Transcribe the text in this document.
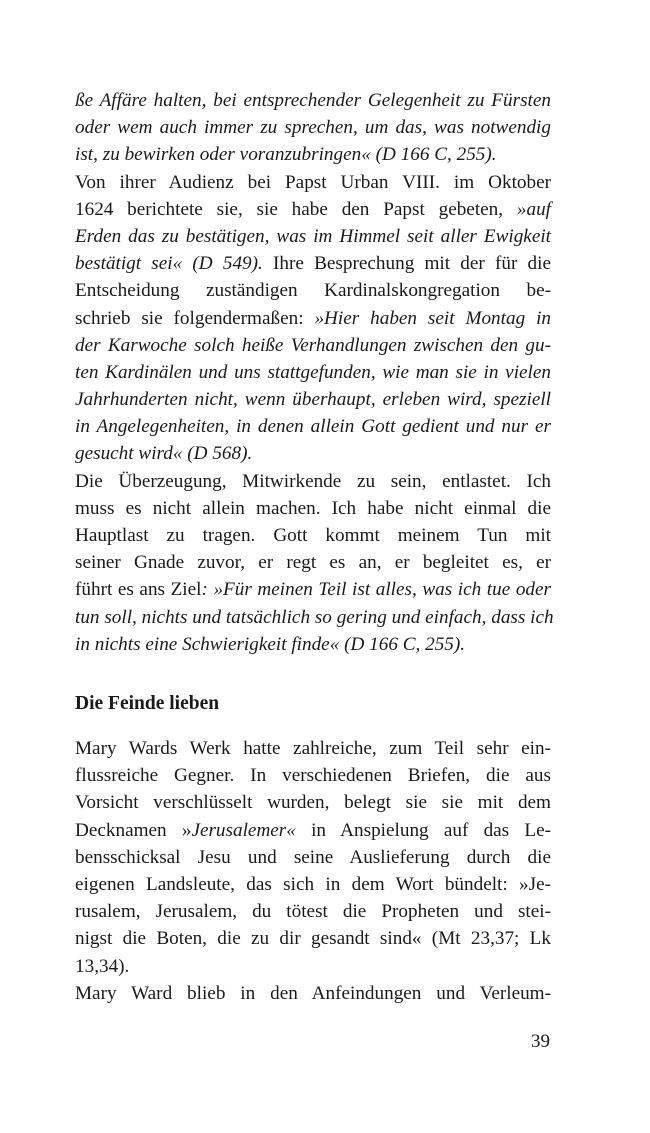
ße Affäre halten, bei entsprechender Gelegenheit zu Fürsten
oder wem auch immer zu sprechen, um das, was notwendig
ist, zu bewirken oder voranzubringen« (D 166 C, 255).
Von ihrer Audienz bei Papst Urban VIII. im Oktober
1624 berichtete sie, sie habe den Papst gebeten, »auf
Erden das zu bestätigen, was im Himmel seit aller Ewigkeit
bestätigt sei« (D 549). Ihre Besprechung mit der für die
Entscheidung zuständigen Kardinalskongregation be-
schrieb sie folgendermaßen: »Hier haben seit Montag in
der Karwoche solch heiße Verhandlungen zwischen den gu-
ten Kardinälen und uns stattgefunden, wie man sie in vielen
Jahrhunderten nicht, wenn überhaupt, erleben wird, speziell
in Angelegenheiten, in denen allein Gott gedient und nur er
gesucht wird« (D 568).
Die Überzeugung, Mitwirkende zu sein, entlastet. Ich
muss es nicht allein machen. Ich habe nicht einmal die
Hauptlast zu tragen. Gott kommt meinem Tun mit
seiner Gnade zuvor, er regt es an, er begleitet es, er
führt es ans Ziel: »Für meinen Teil ist alles, was ich tue oder
tun soll, nichts und tatsächlich so gering und einfach, dass ich
in nichts eine Schwierigkeit finde« (D 166 C, 255).
Die Feinde lieben
Mary Wards Werk hatte zahlreiche, zum Teil sehr ein-
flussreiche Gegner. In verschiedenen Briefen, die aus
Vorsicht verschlüsselt wurden, belegt sie sie mit dem
Decknamen »Jerusalemer« in Anspielung auf das Le-
bensschicksal Jesu und seine Auslieferung durch die
eigenen Landsleute, das sich in dem Wort bündelt: »Je-
rusalem, Jerusalem, du tötest die Propheten und stei-
nigst die Boten, die zu dir gesandt sind« (Mt 23,37; Lk
13,34).
Mary Ward blieb in den Anfeindungen und Verleum-
39
